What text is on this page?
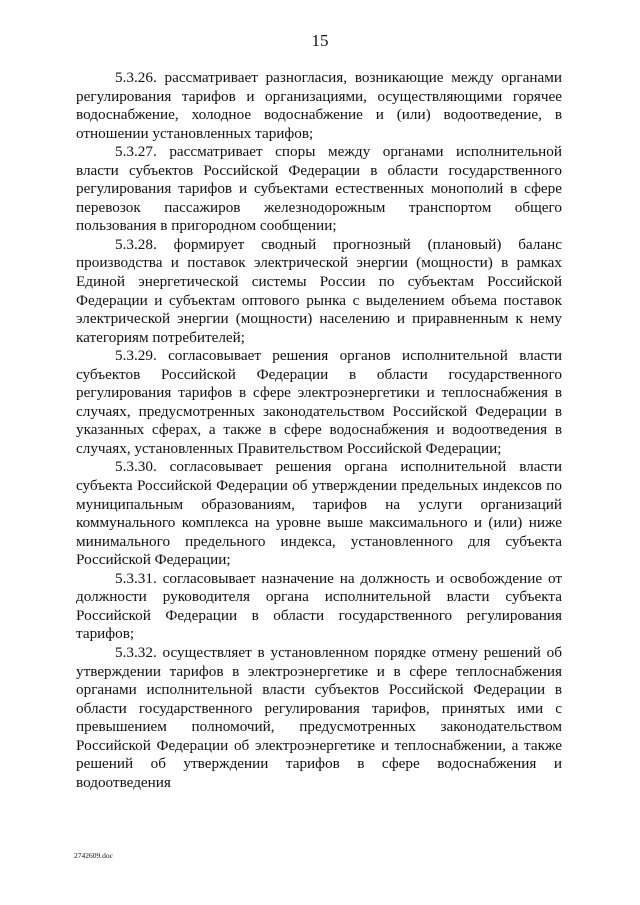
15

5.3.26. рассматривает разногласия, возникающие между органами регулирования тарифов и организациями, осуществляющими горячее водоснабжение, холодное водоснабжение и (или) водоотведение, в отношении установленных тарифов;

5.3.27. рассматривает споры между органами исполнительной власти субъектов Российской Федерации в области государственного регулирования тарифов и субъектами естественных монополий в сфере перевозок пассажиров железнодорожным транспортом общего пользования в пригородном сообщении;

5.3.28. формирует сводный прогнозный (плановый) баланс производства и поставок электрической энергии (мощности) в рамках Единой энергетической системы России по субъектам Российской Федерации и субъектам оптового рынка с выделением объема поставок электрической энергии (мощности) населению и приравненным к нему категориям потребителей;

5.3.29. согласовывает решения органов исполнительной власти субъектов Российской Федерации в области государственного регулирования тарифов в сфере электроэнергетики и теплоснабжения в случаях, предусмотренных законодательством Российской Федерации в указанных сферах, а также в сфере водоснабжения и водоотведения в случаях, установленных Правительством Российской Федерации;

5.3.30. согласовывает решения органа исполнительной власти субъекта Российской Федерации об утверждении предельных индексов по муниципальным образованиям, тарифов на услуги организаций коммунального комплекса на уровне выше максимального и (или) ниже минимального предельного индекса, установленного для субъекта Российской Федерации;

5.3.31. согласовывает назначение на должность и освобождение от должности руководителя органа исполнительной власти субъекта Российской Федерации в области государственного регулирования тарифов;

5.3.32. осуществляет в установленном порядке отмену решений об утверждении тарифов в электроэнергетике и в сфере теплоснабжения органами исполнительной власти субъектов Российской Федерации в области государственного регулирования тарифов, принятых ими с превышением полномочий, предусмотренных законодательством Российской Федерации об электроэнергетике и теплоснабжении, а также решений об утверждении тарифов в сфере водоснабжения и водоотведения

2742609.doc
